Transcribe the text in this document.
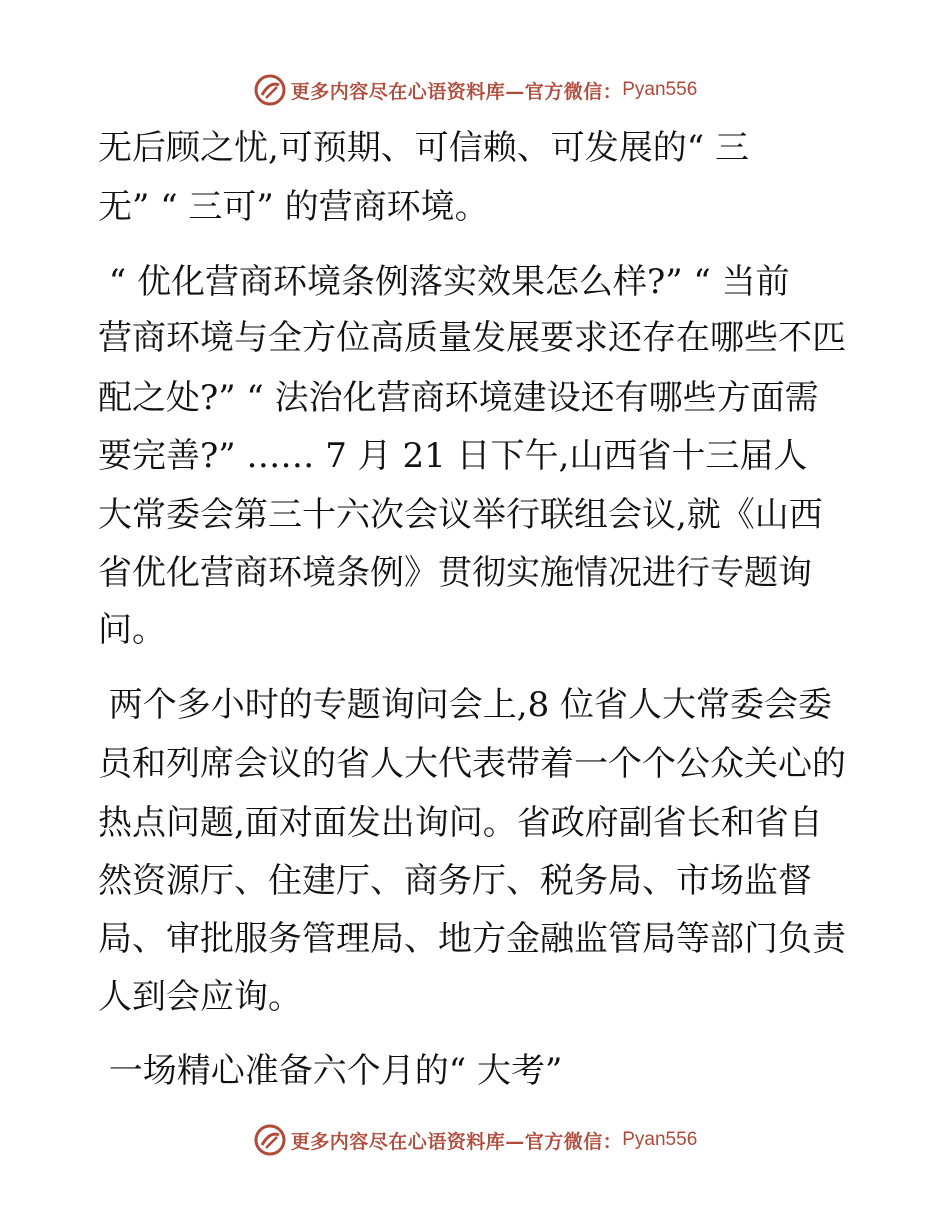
更多内容尽在心语资料库—官方微信： Pyan556
无后顾之忧,可预期、可信赖、可发展的“ 三
无” “ 三可” 的营商环境。
“ 优化营商环境条例落实效果怎么样?” “ 当前
营商环境与全方位高质量发展要求还存在哪些不匹
配之处?” “ 法治化营商环境建设还有哪些方面需
要完善?” …… 7 月 21 日下午,山西省十三届人
大常委会第三十六次会议举行联组会议,就《山西
省优化营商环境条例》贯彻实施情况进行专题询
问。
两个多小时的专题询问会上,8 位省人大常委会委
员和列席会议的省人大代表带着一个个公众关心的
热点问题,面对面发出询问。省政府副省长和省自
然资源厅、住建厅、商务厅、税务局、市场监督
局、审批服务管理局、地方金融监管局等部门负责
人到会应询。
一场精心准备六个月的“ 大考”
更多内容尽在心语资料库—官方微信： Pyan556
